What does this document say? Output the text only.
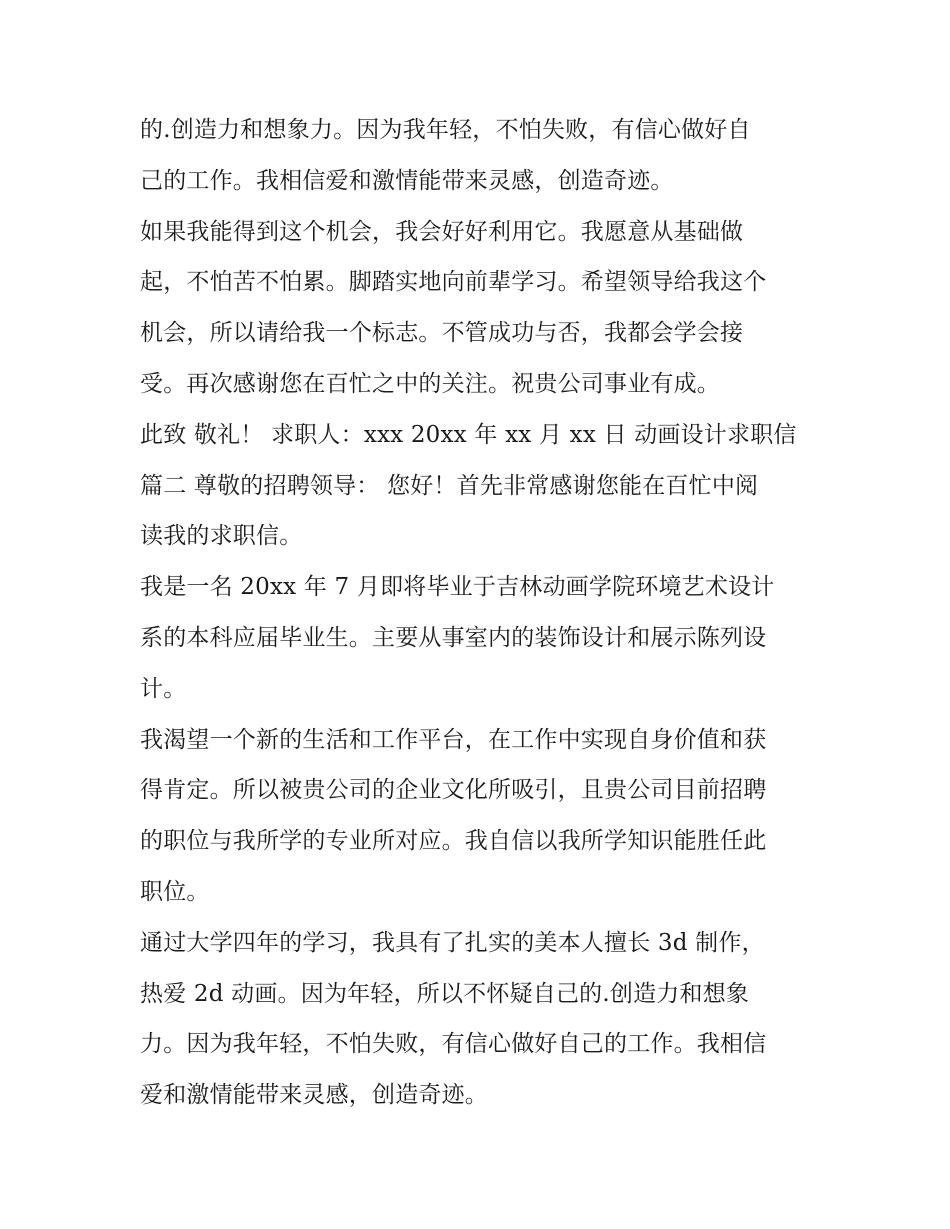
的.创造力和想象力。因为我年轻，不怕失败，有信心做好自
己的工作。我相信爱和激情能带来灵感，创造奇迹。
如果我能得到这个机会，我会好好利用它。我愿意从基础做
起，不怕苦不怕累。脚踏实地向前辈学习。希望领导给我这个
机会，所以请给我一个标志。不管成功与否，我都会学会接
受。再次感谢您在百忙之中的关注。祝贵公司事业有成。
此致 敬礼！ 求职人：xxx 20xx 年 xx 月 xx 日 动画设计求职信
篇二 尊敬的招聘领导： 您好！首先非常感谢您能在百忙中阅
读我的求职信。
我是一名 20xx 年 7 月即将毕业于吉林动画学院环境艺术设计
系的本科应届毕业生。主要从事室内的装饰设计和展示陈列设
计。
我渴望一个新的生活和工作平台，在工作中实现自身价值和获
得肯定。所以被贵公司的企业文化所吸引，且贵公司目前招聘
的职位与我所学的专业所对应。我自信以我所学知识能胜任此
职位。
通过大学四年的学习，我具有了扎实的美本人擅长 3d 制作，
热爱 2d 动画。因为年轻，所以不怀疑自己的.创造力和想象
力。因为我年轻，不怕失败，有信心做好自己的工作。我相信
爱和激情能带来灵感，创造奇迹。
